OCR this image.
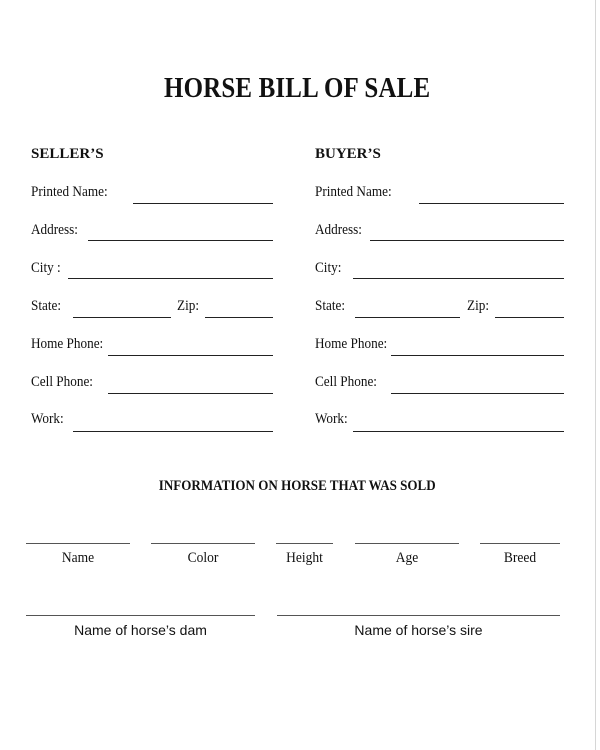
HORSE BILL OF SALE
SELLER’S
Printed Name:
Address:
City :
State:	Zip:
Home Phone:
Cell Phone:
Work:
BUYER’S
Printed Name:
Address:
City:
State:	Zip:
Home Phone:
Cell Phone:
Work:
INFORMATION ON HORSE THAT WAS SOLD
Name	Color	Height	Age	Breed
Name of horse’s dam	Name of horse’s sire
